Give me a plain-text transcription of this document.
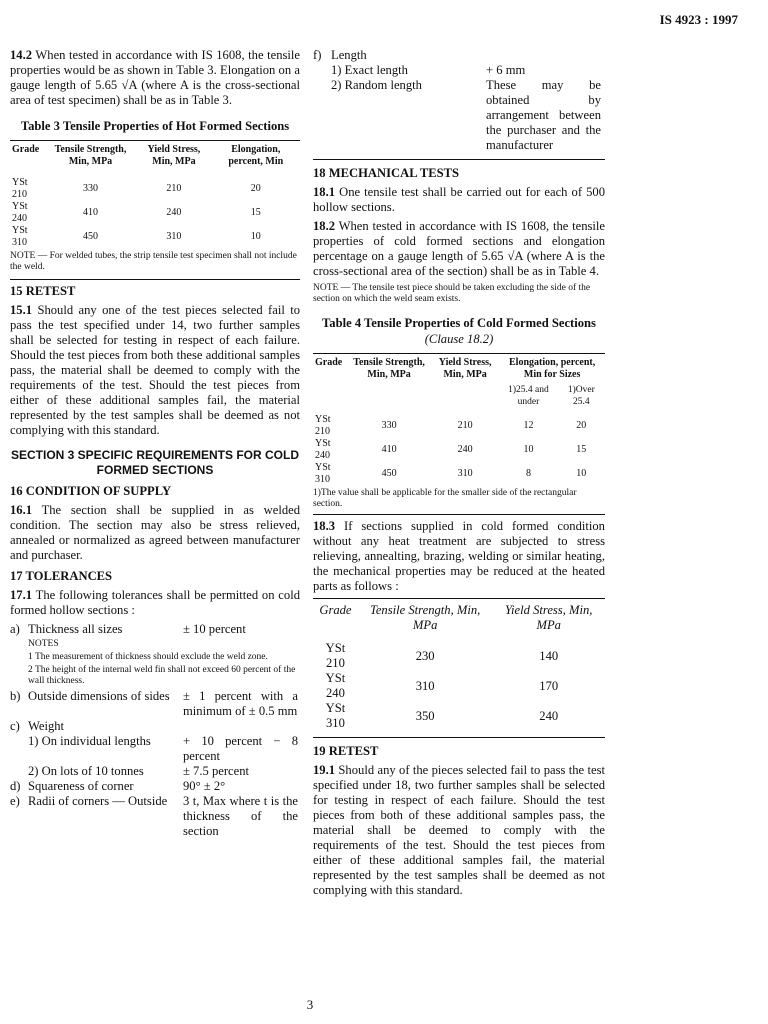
IS 4923 : 1997

14.2 When tested in accordance with IS 1608, the tensile properties would be as shown in Table 3. Elongation on a gauge length of 5.65 √A (where A is the cross-sectional area of test specimen) shall be as in Table 3.

Table 3 Tensile Properties of Hot Formed Sections
Grade	Tensile Strength, Min, MPa	Yield Stress, Min, MPa	Elongation, percent, Min

YSt 210	330	210	20
YSt 240	410	240	15
YSt 310	450	310	10
NOTE — For welded tubes, the strip tensile test specimen shall not include the weld.
15 RETEST

15.1 Should any one of the test pieces selected fail to pass the test specified under 14, two further samples shall be selected for testing in respect of each failure. Should the test pieces from both these additional samples pass, the material shall be deemed to comply with the requirements of the test. Should the test pieces from either of these additional samples fail, the material represented by the test samples shall be deemed as not complying with this standard.

SECTION 3 SPECIFIC REQUIREMENTS FOR COLD FORMED SECTIONS
16 CONDITION OF SUPPLY

16.1 The section shall be supplied in as welded condition. The section may also be stress relieved, annealed or normalized as agreed between manufacturer and purchaser.

17 TOLERANCES

17.1 The following tolerances shall be permitted on cold formed hollow sections :

a) Thickness all sizes	± 10 percent
NOTES
1 The measurement of thickness should exclude the weld zone.
2 The height of the internal weld fin shall not exceed 60 percent of the wall thickness.
b) Outside dimensions of sides	± 1 percent with a minimum of ± 0.5 mm
c) Weight
1) On individual lengths	+ 10 percent − 8 percent
2) On lots of 10 tonnes	± 7.5 percent
d) Squareness of corner	90° ± 2°
e) Radii of corners — Outside	3 t, Max where t is the thickness of the section
f) Length
1) Exact length	+ 6 mm
2) Random length	These may be obtained by arrangement between the purchaser and the manufacturer
18 MECHANICAL TESTS

18.1 One tensile test shall be carried out for each of 500 hollow sections.

18.2 When tested in accordance with IS 1608, the tensile properties of cold formed sections and elongation percentage on a gauge length of 5.65 √A (where A is the cross-sectional area of the section) shall be as in Table 4.

NOTE — The tensile test piece should be taken excluding the side of the section on which the weld seam exists.
Table 4 Tensile Properties of Cold Formed Sections
(Clause 18.2)
Grade	Tensile Strength, Min, MPa	Yield Stress, Min, MPa	Elongation, percent, Min for Sizes	
			1)25.4 and under	1)Over 25.4

YSt 210	330	210	12	20
YSt 240	410	240	10	15
YSt 310	450	310	8	10
1)The value shall be applicable for the smaller side of the rectangular section.

18.3 If sections supplied in cold formed condition without any heat treatment are subjected to stress relieving, annealting, brazing, welding or similar heating, the mechanical properties may be reduced at the heated parts as follows :

Grade	Tensile Strength, Min, MPa	Yield Stress, Min, MPa

YSt 210	230	140
YSt 240	310	170
YSt 310	350	240
19 RETEST

19.1 Should any of the pieces selected fail to pass the test specified under 18, two further samples shall be selected for testing in respect of each failure. Should the test pieces from both of these additional samples pass, the material shall be deemed to comply with the requirements of the test. Should the test pieces from either of these additional samples fail, the material represented by the test samples shall be deemed as not complying with this standard.

3
